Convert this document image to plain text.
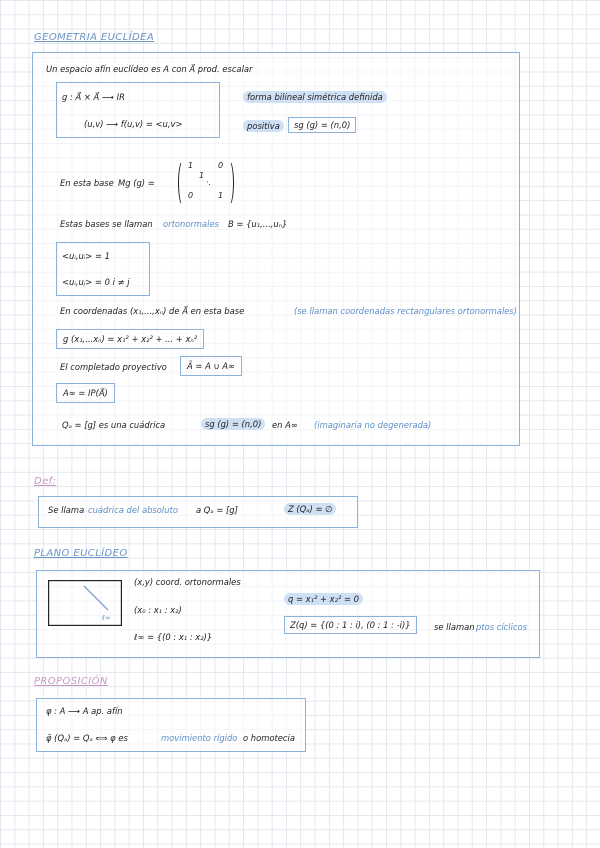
GEOMETRIA EUCLÍDEA
Un espacio afín euclídeo es A con A⃗ prod. escalar
g : A⃗ × A⃗ ⟶ IR
(u,v) ⟶ f(u,v) = <u,v>
forma bilineal simétrica definida
positiva	sg (g) = (n,0)
En esta base Mg (g) =
1	0
1
·.
0	1
Estas bases se llaman ortonormales B = {u₁,...,uₙ}
<uᵢ,uᵢ> = 1
<uᵢ,uⱼ> = 0 i ≠ j
En coordenadas (x₁,...,xₙ) de A⃗ en esta base	(se llaman coordenadas rectangulares ortonormales)
g (x₁,...xₙ) = x₁² + x₂² + ... + xₙ²
El completado proyectivo	Ã = A ∪ A∞
A∞ = IP(A⃗)
Qₐ = [g] es una cuádrica	sg (g) = (n,0)	en A∞ (imaginaria no degenerada)
Def:
Se llama cuádrica del absoluto a Qₐ = [g]	Z (Qₐ) = ∅
PLANO EUCLÍDEO
ℓ∞
(x,y) coord. ortonormales
(x₀ : x₁ : x₂)
ℓ∞ = {(0 : x₁ : x₂)}
q = x₁² + x₂² = 0
Z(q) = {(0 : 1 : i), (0 : 1 : -i)}	se llaman ptos cíclicos
PROPOSICIÓN
φ : A ⟶ A ap. afín
φ̃ (Qₐ) = Qₐ ⟺ φ es	movimiento rígido o homotecia
